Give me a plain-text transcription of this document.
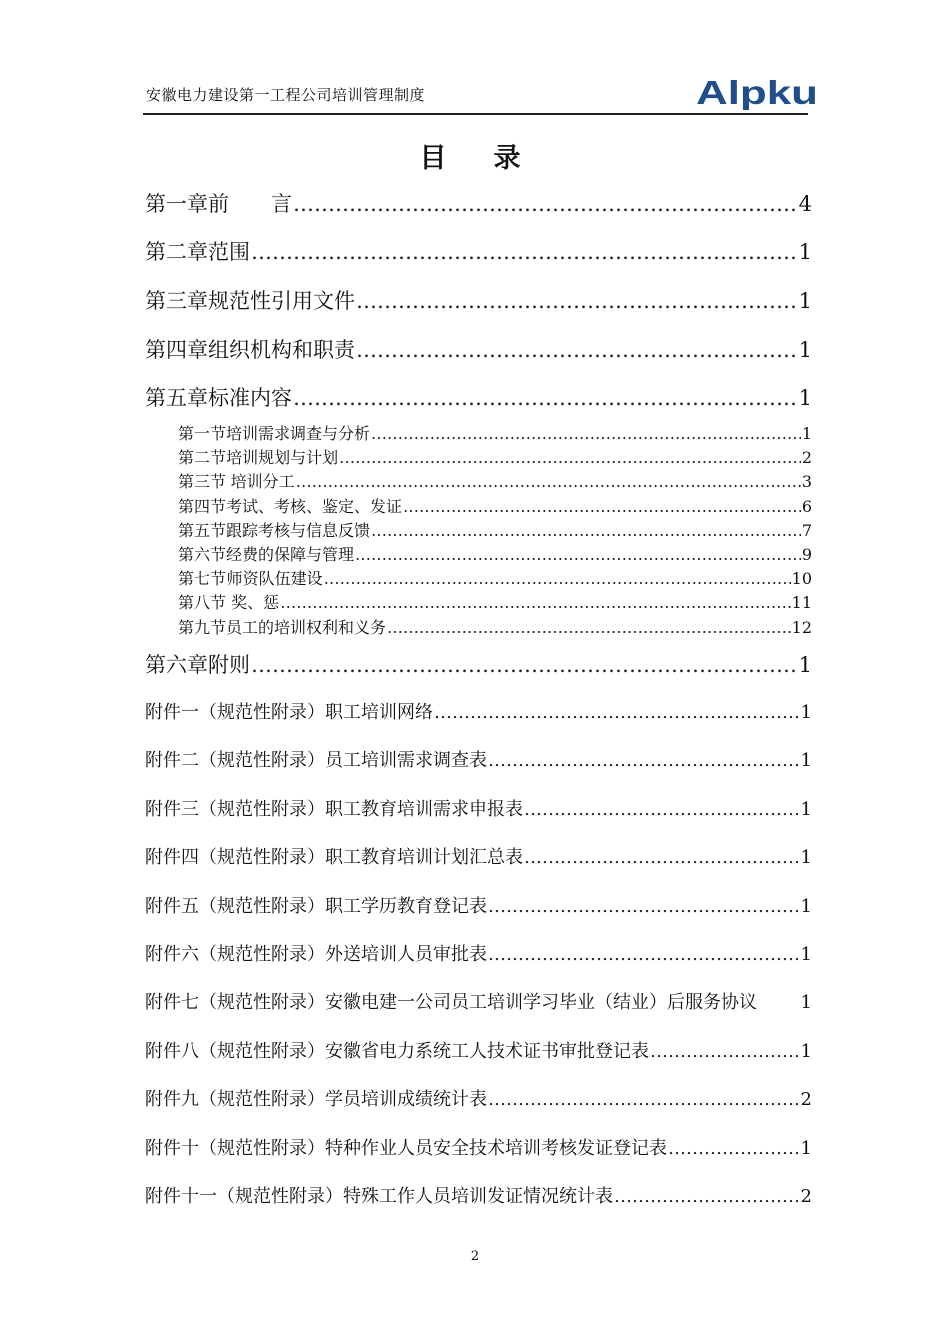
安徽电力建设第一工程公司培训管理制度	Alpku
目　录
第一章 前　　言 ………………………………………………………………………………………………………………………………………………………………	4
第二章 范围 ………………………………………………………………………………………………………………………………………………………………	1
第三章 规范性引用文件 ………………………………………………………………………………………………………………………………………………………………	1
第四章 组织机构和职责 ………………………………………………………………………………………………………………………………………………………………	1
第五章 标准内容 ………………………………………………………………………………………………………………………………………………………………	1
第一节 培训需求调查与分析 ………………………………………………………………………………………………………………………………………………………………	1
第二节 培训规划与计划 ………………………………………………………………………………………………………………………………………………………………	2
第三节 培训分工 ………………………………………………………………………………………………………………………………………………………………	3
第四节 考试、考核、鉴定、发证 ………………………………………………………………………………………………………………………………………………………………	6
第五节 跟踪考核与信息反馈 ………………………………………………………………………………………………………………………………………………………………	7
第六节 经费的保障与管理 ………………………………………………………………………………………………………………………………………………………………	9
第七节 师资队伍建设 ………………………………………………………………………………………………………………………………………………………………	10
第八节 奖、惩 ………………………………………………………………………………………………………………………………………………………………	11
第九节 员工的培训权利和义务 ………………………………………………………………………………………………………………………………………………………………	12
第六章 附则 ………………………………………………………………………………………………………………………………………………………………	1
附件一（规范性附录）职工培训网络 ………………………………………………………………………………………………………………………………………………………………	1
附件二（规范性附录）员工培训需求调查表 ………………………………………………………………………………………………………………………………………………………………	1
附件三（规范性附录）职工教育培训需求申报表 ………………………………………………………………………………………………………………………………………………………………	1
附件四（规范性附录）职工教育培训计划汇总表 ………………………………………………………………………………………………………………………………………………………………	1
附件五（规范性附录）职工学历教育登记表 ………………………………………………………………………………………………………………………………………………………………	1
附件六（规范性附录）外送培训人员审批表 ………………………………………………………………………………………………………………………………………………………………	1
附件七（规范性附录）安徽电建一公司员工培训学习毕业（结业）后服务协议 1
附件八（规范性附录）安徽省电力系统工人技术证书审批登记表 ………………………………………………………………………………………………………………………………………………………………	1
附件九（规范性附录）学员培训成绩统计表 ………………………………………………………………………………………………………………………………………………………………	2
附件十（规范性附录）特种作业人员安全技术培训考核发证登记表 ………………………………………………………………………………………………………………………………………………………………	1
附件十一（规范性附录）特殊工作人员培训发证情况统计表 ………………………………………………………………………………………………………………………………………………………………	2
2
